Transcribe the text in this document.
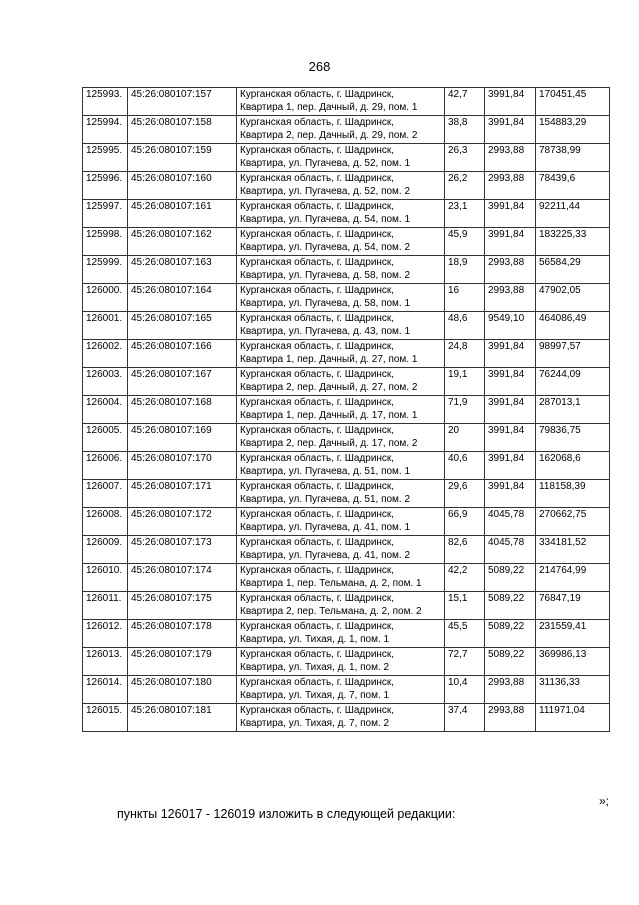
268
125993.	45:26:080107:157	Курганская область, г. Шадринск,
Квартира 1, пер. Дачный, д. 29, пом. 1	42,7	3991,84	170451,45
125994.	45:26:080107:158	Курганская область, г. Шадринск,
Квартира 2, пер. Дачный, д. 29, пом. 2	38,8	3991,84	154883,29
125995.	45:26:080107:159	Курганская область, г. Шадринск,
Квартира, ул. Пугачева, д. 52, пом. 1	26,3	2993,88	78738,99
125996.	45:26:080107:160	Курганская область, г. Шадринск,
Квартира, ул. Пугачева, д. 52, пом. 2	26,2	2993,88	78439,6
125997.	45:26:080107:161	Курганская область, г. Шадринск,
Квартира, ул. Пугачева, д. 54, пом. 1	23,1	3991,84	92211,44
125998.	45:26:080107:162	Курганская область, г. Шадринск,
Квартира, ул. Пугачева, д. 54, пом. 2	45,9	3991,84	183225,33
125999.	45:26:080107:163	Курганская область, г. Шадринск,
Квартира, ул. Пугачева, д. 58, пом. 2	18,9	2993,88	56584,29
126000.	45:26:080107:164	Курганская область, г. Шадринск,
Квартира, ул. Пугачева, д. 58, пом. 1	16	2993,88	47902,05
126001.	45:26:080107:165	Курганская область, г. Шадринск,
Квартира, ул. Пугачева, д. 43, пом. 1	48,6	9549,10	464086,49
126002.	45:26:080107:166	Курганская область, г. Шадринск,
Квартира 1, пер. Дачный, д. 27, пом. 1	24,8	3991,84	98997,57
126003.	45:26:080107:167	Курганская область, г. Шадринск,
Квартира 2, пер. Дачный, д. 27, пом. 2	19,1	3991,84	76244,09
126004.	45:26:080107:168	Курганская область, г. Шадринск,
Квартира 1, пер. Дачный, д. 17, пом. 1	71,9	3991,84	287013,1
126005.	45:26:080107:169	Курганская область, г. Шадринск,
Квартира 2, пер. Дачный, д. 17, пом. 2	20	3991,84	79836,75
126006.	45:26:080107:170	Курганская область, г. Шадринск,
Квартира, ул. Пугачева, д. 51, пом. 1	40,6	3991,84	162068,6
126007.	45:26:080107:171	Курганская область, г. Шадринск,
Квартира, ул. Пугачева, д. 51, пом. 2	29,6	3991,84	118158,39
126008.	45:26:080107:172	Курганская область, г. Шадринск,
Квартира, ул. Пугачева, д. 41, пом. 1	66,9	4045,78	270662,75
126009.	45:26:080107:173	Курганская область, г. Шадринск,
Квартира, ул. Пугачева, д. 41, пом. 2	82,6	4045,78	334181,52
126010.	45:26:080107:174	Курганская область, г. Шадринск,
Квартира 1, пер. Тельмана, д. 2, пом. 1	42,2	5089,22	214764,99
126011.	45:26:080107:175	Курганская область, г. Шадринск,
Квартира 2, пер. Тельмана, д. 2, пом. 2	15,1	5089,22	76847,19
126012.	45:26:080107:178	Курганская область, г. Шадринск,
Квартира, ул. Тихая, д. 1, пом. 1	45,5	5089,22	231559,41
126013.	45:26:080107:179	Курганская область, г. Шадринск,
Квартира, ул. Тихая, д. 1, пом. 2	72,7	5089,22	369986,13
126014.	45:26:080107:180	Курганская область, г. Шадринск,
Квартира, ул. Тихая, д. 7, пом. 1	10,4	2993,88	31136,33
126015.	45:26:080107:181	Курганская область, г. Шадринск,
Квартира, ул. Тихая, д. 7, пом. 2	37,4	2993,88	111971,04
»;
пункты 126017 - 126019 изложить в следующей редакции:
